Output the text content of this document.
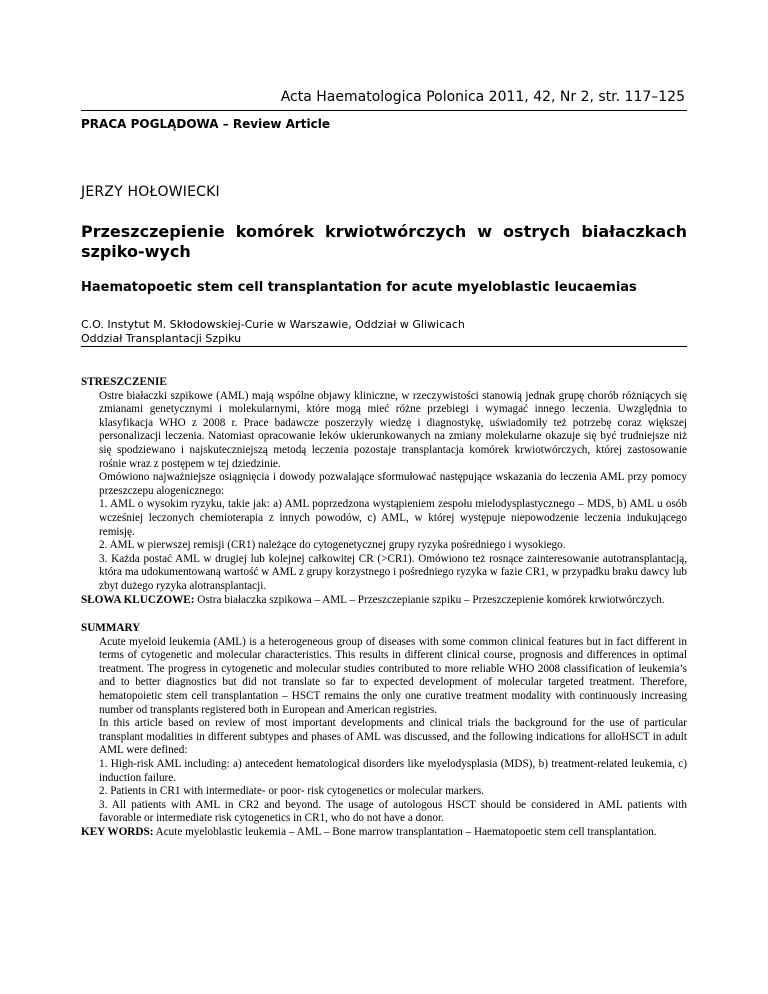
Acta Haematologica Polonica 2011, 42, Nr 2, str. 117–125
PRACA POGLĄDOWA – Review Article
JERZY HOŁOWIECKI
Przeszczepienie komórek krwiotwórczych w ostrych białaczkach szpiko-wych
Haematopoetic stem cell transplantation for acute myeloblastic leucaemias
C.O. Instytut M. Skłodowskiej-Curie w Warszawie, Oddział w Gliwicach
Oddział Transplantacji Szpiku
STRESZCZENIE

Ostre białaczki szpikowe (AML) mają wspólne objawy kliniczne, w rzeczywistości stanowią jednak grupę chorób różniących się zmianami genetycznymi i molekularnymi, które mogą mieć różne przebiegi i wymagać innego leczenia. Uwzględnia to klasyfikacja WHO z 2008 r. Prace badawcze poszerzyły wiedzę i diagnostykę, uświadomiły też potrzebę coraz większej personalizacji leczenia. Natomiast opracowanie leków ukierunkowanych na zmiany molekularne okazuje się być trudniejsze niż się spodziewano i najskuteczniejszą metodą leczenia pozostaje transplantacja komórek krwiotwórczych, której zastosowanie rośnie wraz z postępem w tej dziedzinie.

Omówiono najważniejsze osiągnięcia i dowody pozwalające sformułować następujące wskazania do leczenia AML przy pomocy przeszczepu alogenicznego:

1. AML o wysokim ryzyku, takie jak: a) AML poprzedzona wystąpieniem zespołu mielodysplastycznego – MDS, b) AML u osób wcześniej leczonych chemioterapia z innych powodów, c) AML, w której występuje niepowodzenie leczenia indukującego remisję.

2. AML w pierwszej remisji (CR1) należące do cytogenetycznej grupy ryzyka pośredniego i wysokiego.

3. Każda postać AML w drugiej lub kolejnej całkowitej CR (>CR1). Omówiono też rosnące zainteresowanie autotransplantacją, która ma udokumentowaną wartość w AML z grupy korzystnego i pośredniego ryzyka w fazie CR1, w przypadku braku dawcy lub zbyt dużego ryzyka alotransplantacji.

SŁOWA KLUCZOWE: Ostra białaczka szpikowa – AML – Przeszczepianie szpiku – Przeszczepienie komórek krwiotwórczych.
SUMMARY

Acute myeloid leukemia (AML) is a heterogeneous group of diseases with some common clinical features but in fact different in terms of cytogenetic and molecular characteristics. This results in different clinical course, prognosis and differences in optimal treatment. The progress in cytogenetic and molecular studies contributed to more reliable WHO 2008 classification of leukemia’s and to better diagnostics but did not translate so far to expected development of molecular targeted treatment. Therefore, hematopoietic stem cell transplantation – HSCT remains the only one curative treatment modality with continuously increasing number od transplants registered both in European and American registries.

In this article based on review of most important developments and clinical trials the background for the use of particular transplant modalities in different subtypes and phases of AML was discussed, and the following indications for alloHSCT in adult AML were defined:

1. High-risk AML including: a) antecedent hematological disorders like myelodysplasia (MDS), b) treatment-related leukemia, c) induction failure.

2. Patients in CR1 with intermediate- or poor- risk cytogenetics or molecular markers.

3. All patients with AML in CR2 and beyond. The usage of autologous HSCT should be considered in AML patients with favorable or intermediate risk cytogenetics in CR1, who do not have a donor.

KEY WORDS: Acute myeloblastic leukemia – AML – Bone marrow transplantation – Haematopoetic stem cell transplantation.
